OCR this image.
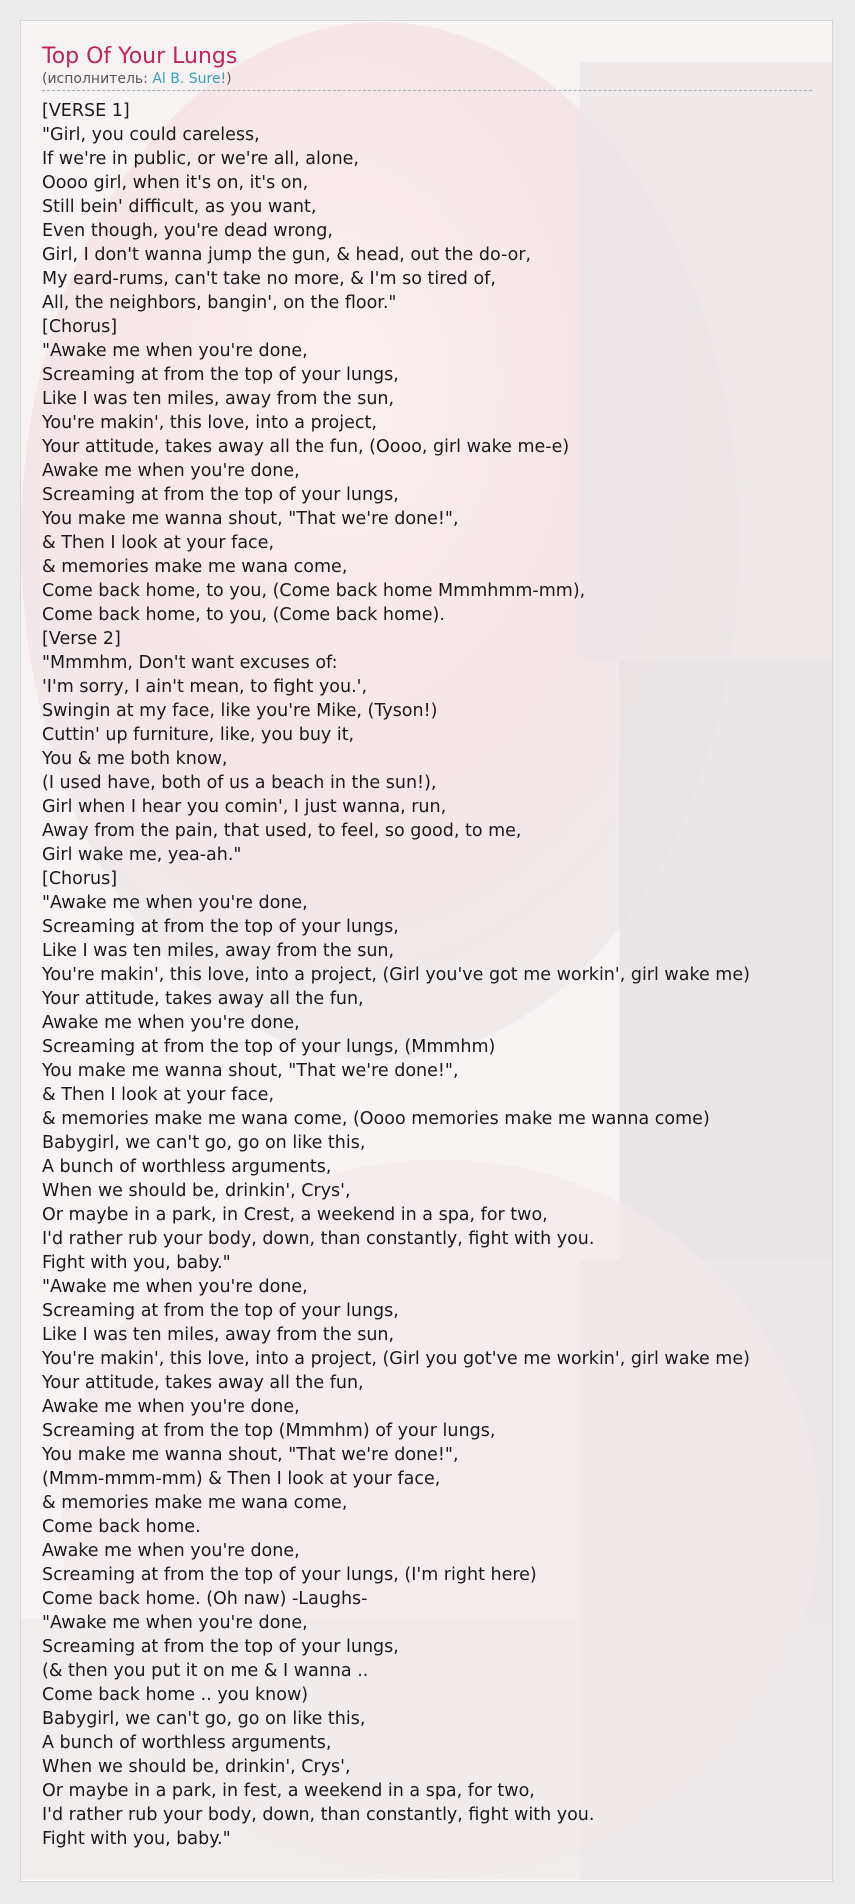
Top Of Your Lungs
(исполнитель: Al B. Sure!)
[VERSE 1]
"Girl, you could careless,
If we're in public, or we're all, alone,
Oooo girl, when it's on, it's on,
Still bein' difficult, as you want,
Even though, you're dead wrong,
Girl, I don't wanna jump the gun, & head, out the do-or,
My eard-rums, can't take no more, & I'm so tired of,
All, the neighbors, bangin', on the floor."
[Chorus]
"Awake me when you're done,
Screaming at from the top of your lungs,
Like I was ten miles, away from the sun,
You're makin', this love, into a project,
Your attitude, takes away all the fun, (Oooo, girl wake me-e)
Awake me when you're done,
Screaming at from the top of your lungs,
You make me wanna shout, "That we're done!",
& Then I look at your face,
& memories make me wana come,
Come back home, to you, (Come back home Mmmhmm-mm),
Come back home, to you, (Come back home).
[Verse 2]
"Mmmhm, Don't want excuses of:
'I'm sorry, I ain't mean, to fight you.',
Swingin at my face, like you're Mike, (Tyson!)
Cuttin' up furniture, like, you buy it,
You & me both know,
(I used have, both of us a beach in the sun!),
Girl when I hear you comin', I just wanna, run,
Away from the pain, that used, to feel, so good, to me,
Girl wake me, yea-ah."
[Chorus]
"Awake me when you're done,
Screaming at from the top of your lungs,
Like I was ten miles, away from the sun,
You're makin', this love, into a project, (Girl you've got me workin', girl wake me)
Your attitude, takes away all the fun,
Awake me when you're done,
Screaming at from the top of your lungs, (Mmmhm)
You make me wanna shout, "That we're done!",
& Then I look at your face,
& memories make me wana come, (Oooo memories make me wanna come)
Babygirl, we can't go, go on like this,
A bunch of worthless arguments,
When we should be, drinkin', Crys',
Or maybe in a park, in Crest, a weekend in a spa, for two,
I'd rather rub your body, down, than constantly, fight with you.
Fight with you, baby."
"Awake me when you're done,
Screaming at from the top of your lungs,
Like I was ten miles, away from the sun,
You're makin', this love, into a project, (Girl you got've me workin', girl wake me)
Your attitude, takes away all the fun,
Awake me when you're done,
Screaming at from the top (Mmmhm) of your lungs,
You make me wanna shout, "That we're done!",
(Mmm-mmm-mm) & Then I look at your face,
& memories make me wana come,
Come back home.
Awake me when you're done,
Screaming at from the top of your lungs, (I'm right here)
Come back home. (Oh naw) -Laughs-
"Awake me when you're done,
Screaming at from the top of your lungs,
(& then you put it on me & I wanna ..
Come back home .. you know)
Babygirl, we can't go, go on like this,
A bunch of worthless arguments,
When we should be, drinkin', Crys',
Or maybe in a park, in fest, a weekend in a spa, for two,
I'd rather rub your body, down, than constantly, fight with you.
Fight with you, baby."
